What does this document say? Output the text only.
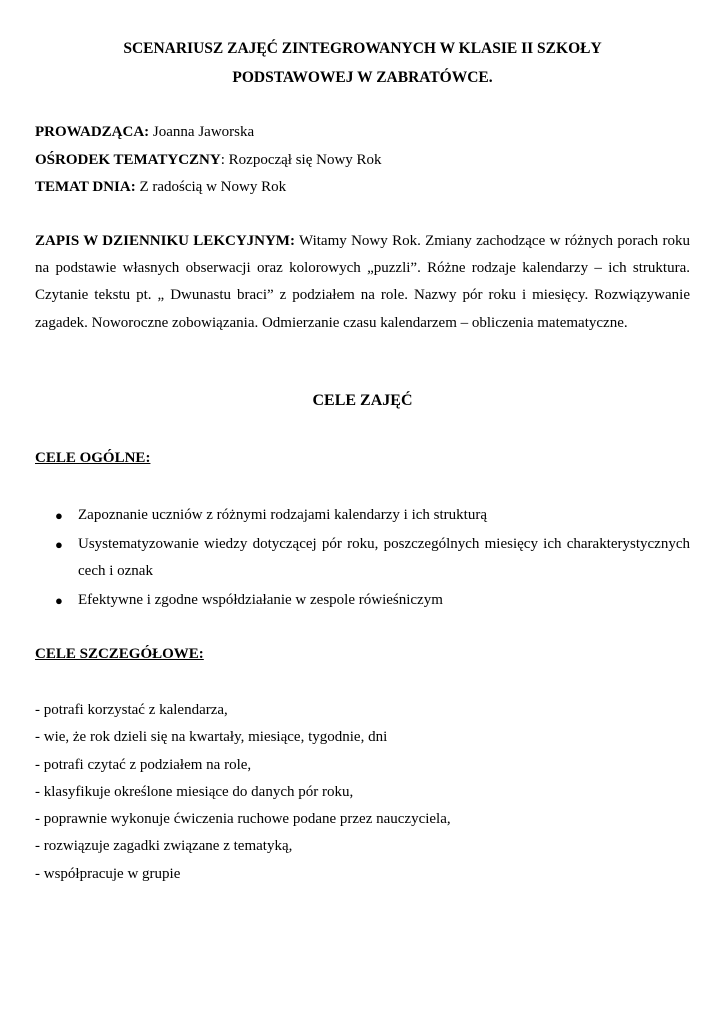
SCENARIUSZ ZAJĘĆ ZINTEGROWANYCH W KLASIE II SZKOŁY
PODSTAWOWEJ W ZABRATÓWCE.
PROWADZĄCA: Joanna Jaworska
OŚRODEK TEMATYCZNY: Rozpoczął się Nowy Rok
TEMAT DNIA: Z radością w Nowy Rok
ZAPIS W DZIENNIKU LEKCYJNYM: Witamy Nowy Rok. Zmiany zachodzące w różnych porach roku na podstawie własnych obserwacji oraz kolorowych „puzzli”. Różne rodzaje kalendarzy – ich struktura. Czytanie tekstu pt. „ Dwunastu braci” z podziałem na role. Nazwy pór roku i miesięcy. Rozwiązywanie zagadek. Noworoczne zobowiązania. Odmierzanie czasu kalendarzem – obliczenia matematyczne.
CELE ZAJĘĆ
CELE OGÓLNE:
● Zapoznanie uczniów z różnymi rodzajami kalendarzy i ich strukturą
● Usystematyzowanie wiedzy dotyczącej pór roku, poszczególnych miesięcy ich charakterystycznych cech i oznak
● Efektywne i zgodne współdziałanie w zespole rówieśniczym
CELE SZCZEGÓŁOWE:
- potrafi korzystać z kalendarza,
- wie, że rok dzieli się na kwartały, miesiące, tygodnie, dni
- potrafi czytać z podziałem na role,
- klasyfikuje określone miesiące do danych pór roku,
- poprawnie wykonuje ćwiczenia ruchowe podane przez nauczyciela,
- rozwiązuje zagadki związane z tematyką,
- współpracuje w grupie
